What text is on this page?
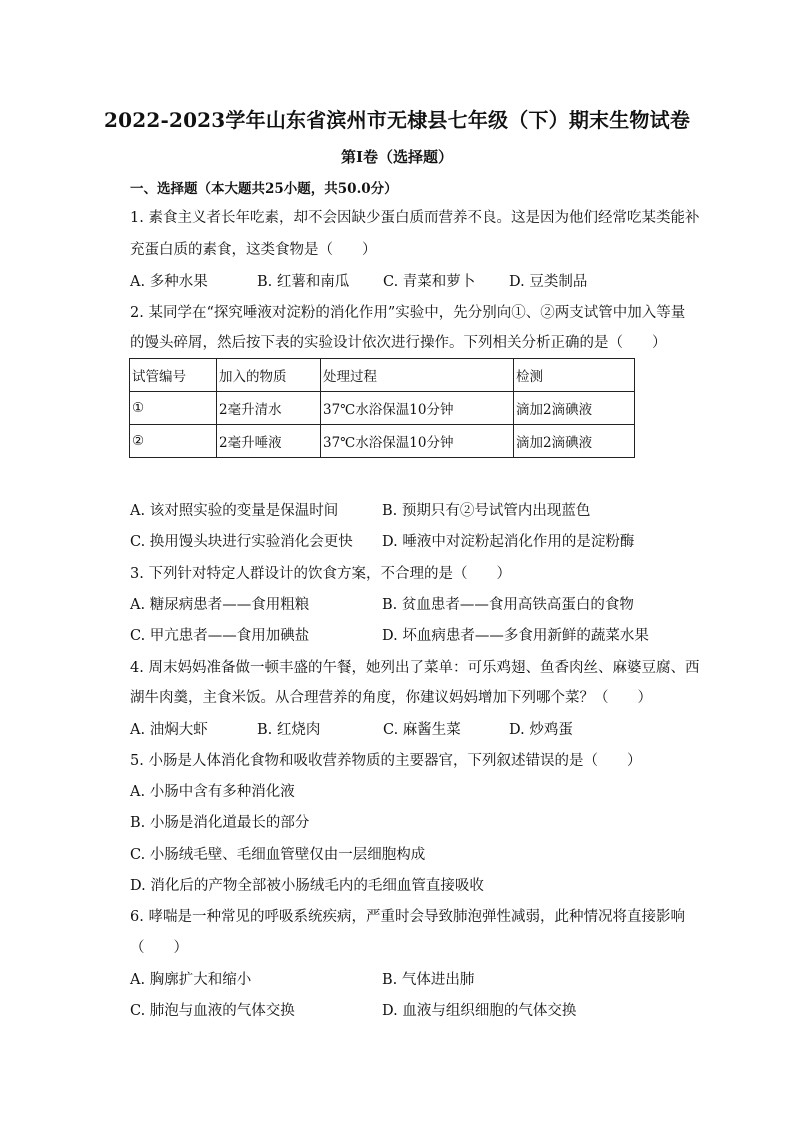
2022-2023学年山东省滨州市无棣县七年级（下）期末生物试卷
第I卷（选择题）
一、选择题（本大题共25小题，共50.0分）
1. 素食主义者长年吃素，却不会因缺少蛋白质而营养不良。这是因为他们经常吃某类能补
充蛋白质的素食，这类食物是（　　）
A. 多种水果	B. 红薯和南瓜 C. 青菜和萝卜 D. 豆类制品
2. 某同学在“探究唾液对淀粉的消化作用”实验中，先分别向①、②两支试管中加入等量
的馒头碎屑，然后按下表的实验设计依次进行操作。下列相关分析正确的是（　　）
试管编号	加入的物质	处理过程	检测
①	2毫升清水	37℃水浴保温10分钟	滴加2滴碘液
②	2毫升唾液	37℃水浴保温10分钟	滴加2滴碘液
A. 该对照实验的变量是保温时间	B. 预期只有②号试管内出现蓝色
C. 换用馒头块进行实验消化会更快 D. 唾液中对淀粉起消化作用的是淀粉酶
3. 下列针对特定人群设计的饮食方案，不合理的是（　　）
A. 糖尿病患者——食用粗粮	B. 贫血患者——食用高铁高蛋白的食物
C. 甲亢患者——食用加碘盐	D. 坏血病患者——多食用新鲜的蔬菜水果
4. 周末妈妈准备做一顿丰盛的午餐，她列出了菜单：可乐鸡翅、鱼香肉丝、麻婆豆腐、西
湖牛肉羹，主食米饭。从合理营养的角度，你建议妈妈增加下列哪个菜？（　　）
A. 油焖大虾	B. 红烧肉	C. 麻酱生菜	D. 炒鸡蛋
5. 小肠是人体消化食物和吸收营养物质的主要器官，下列叙述错误的是（　　）
A. 小肠中含有多种消化液
B. 小肠是消化道最长的部分
C. 小肠绒毛壁、毛细血管壁仅由一层细胞构成
D. 消化后的产物全部被小肠绒毛内的毛细血管直接吸收
6. 哮喘是一种常见的呼吸系统疾病，严重时会导致肺泡弹性减弱，此种情况将直接影响
（　　）
A. 胸廓扩大和缩小	B. 气体进出肺
C. 肺泡与血液的气体交换	D. 血液与组织细胞的气体交换
